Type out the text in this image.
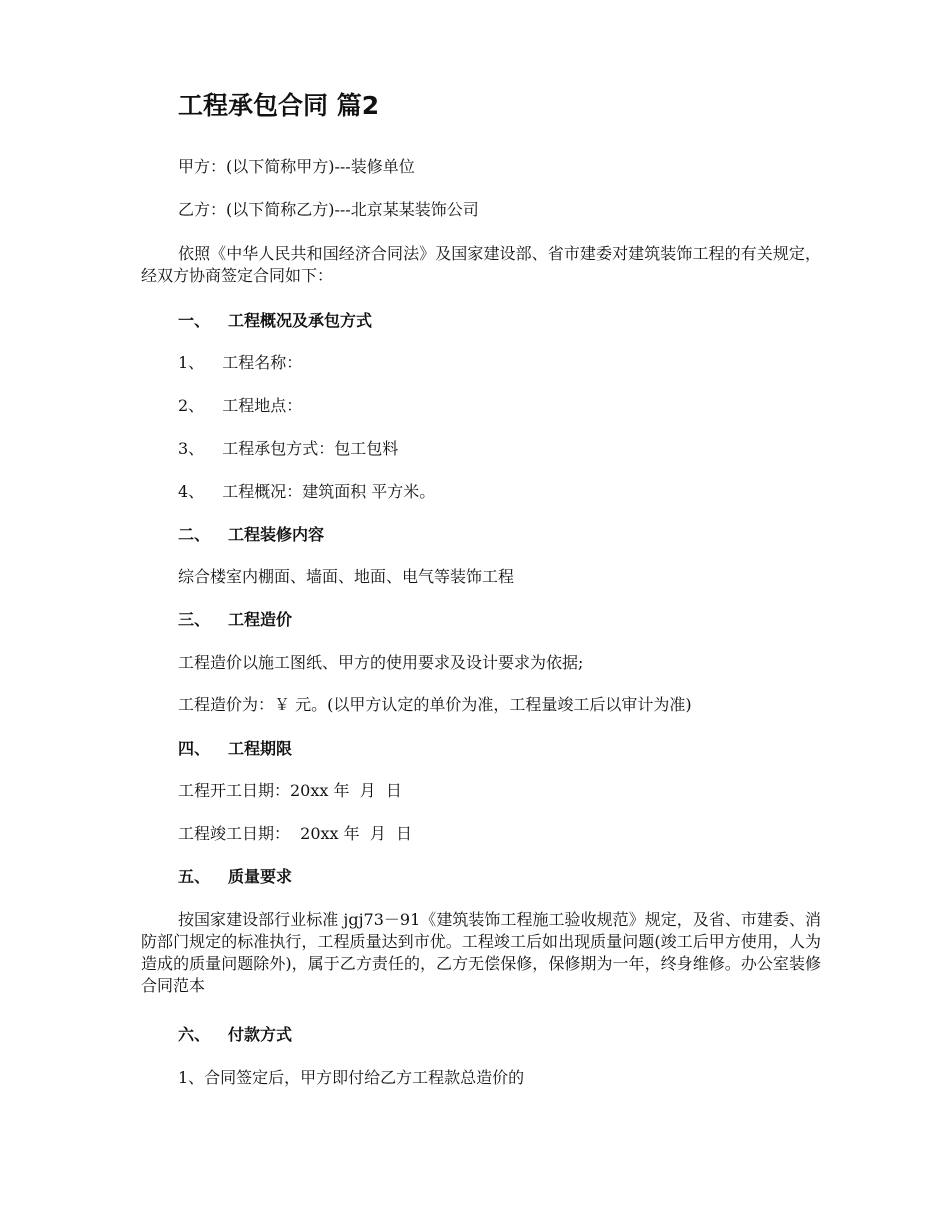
工程承包合同 篇2
甲方：(以下简称甲方)---装修单位
乙方：(以下简称乙方)---北京某某装饰公司
依照《中华人民共和国经济合同法》及国家建设部、省市建委对建筑装饰工程的有关规定，经双方协商签定合同如下：
一、 工程概况及承包方式
1、 工程名称：
2、 工程地点：
3、 工程承包方式：包工包料
4、 工程概况：建筑面积 平方米。
二、 工程装修内容
综合楼室内棚面、墙面、地面、电气等装饰工程
三、 工程造价
工程造价以施工图纸、甲方的使用要求及设计要求为依据;
工程造价为：￥ 元。(以甲方认定的单价为准，工程量竣工后以审计为准)
四、 工程期限
工程开工日期：20xx 年  月  日
工程竣工日期：  20xx 年  月  日
五、 质量要求
按国家建设部行业标准 jgj73－91《建筑装饰工程施工验收规范》规定，及省、市建委、消防部门规定的标准执行，工程质量达到市优。工程竣工后如出现质量问题(竣工后甲方使用，人为造成的质量问题除外)，属于乙方责任的，乙方无偿保修，保修期为一年，终身维修。办公室装修合同范本
六、 付款方式
1、合同签定后，甲方即付给乙方工程款总造价的
